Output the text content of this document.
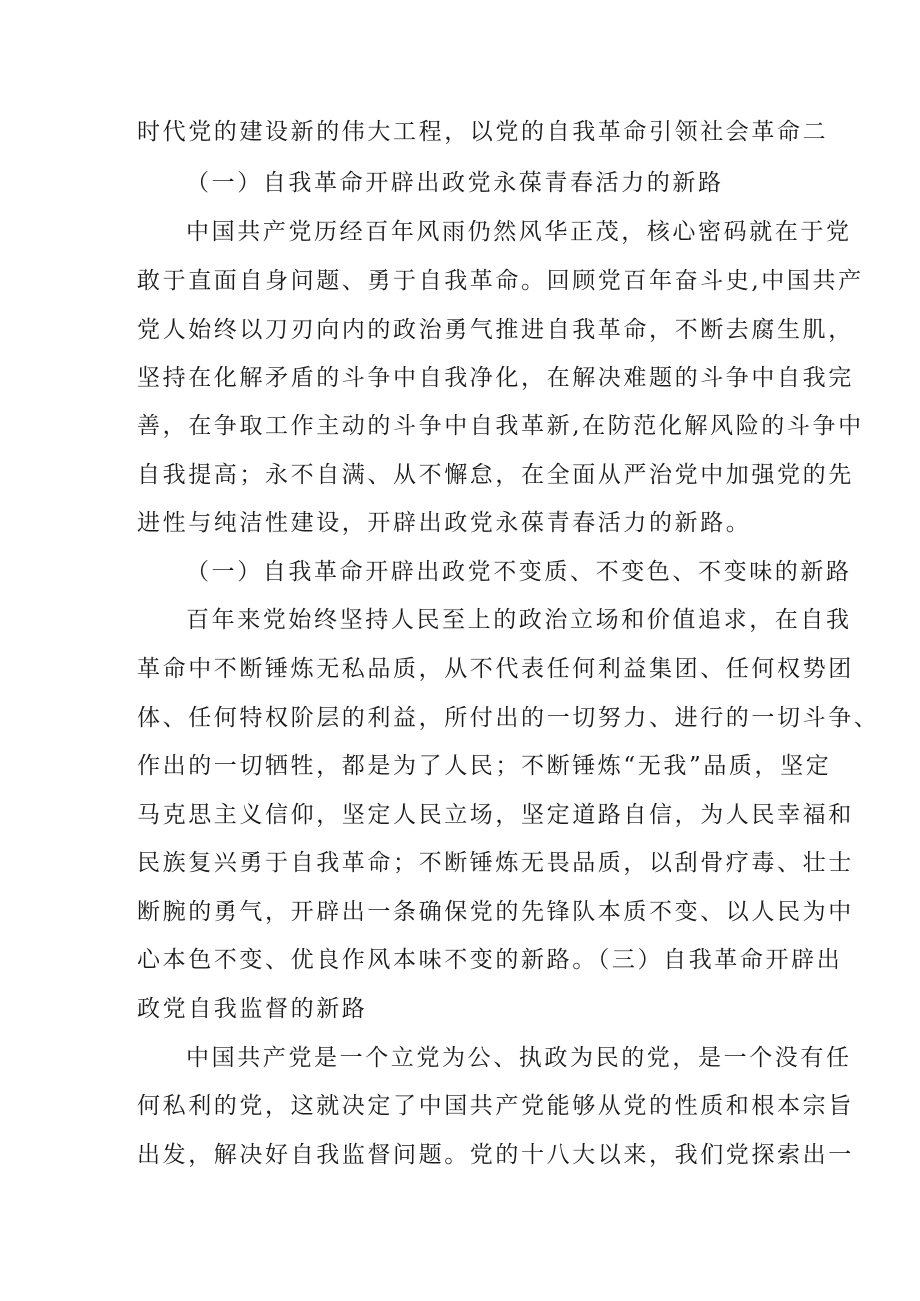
时代党的建设新的伟大工程，以党的自我革命引领社会革命二
（一）自我革命开辟出政党永葆青春活力的新路
中国共产党历经百年风雨仍然风华正茂，核心密码就在于党
敢于直面自身问题、勇于自我革命。回顾党百年奋斗史,中国共产
党人始终以刀刃向内的政治勇气推进自我革命，不断去腐生肌，
坚持在化解矛盾的斗争中自我净化，在解决难题的斗争中自我完
善，在争取工作主动的斗争中自我革新,在防范化解风险的斗争中
自我提高；永不自满、从不懈怠，在全面从严治党中加强党的先
进性与纯洁性建设，开辟出政党永葆青春活力的新路。
（一）自我革命开辟出政党不变质、不变色、不变味的新路
百年来党始终坚持人民至上的政治立场和价值追求，在自我
革命中不断锤炼无私品质，从不代表任何利益集团、任何权势团
体、任何特权阶层的利益，所付出的一切努力、进行的一切斗争、
作出的一切牺牲，都是为了人民；不断锤炼“无我”品质，坚定
马克思主义信仰，坚定人民立场，坚定道路自信，为人民幸福和
民族复兴勇于自我革命；不断锤炼无畏品质，以刮骨疗毒、壮士
断腕的勇气，开辟出一条确保党的先锋队本质不变、以人民为中
心本色不变、优良作风本味不变的新路。（三）自我革命开辟出
政党自我监督的新路
中国共产党是一个立党为公、执政为民的党，是一个没有任
何私利的党，这就决定了中国共产党能够从党的性质和根本宗旨
出发，解决好自我监督问题。党的十八大以来，我们党探索出一
